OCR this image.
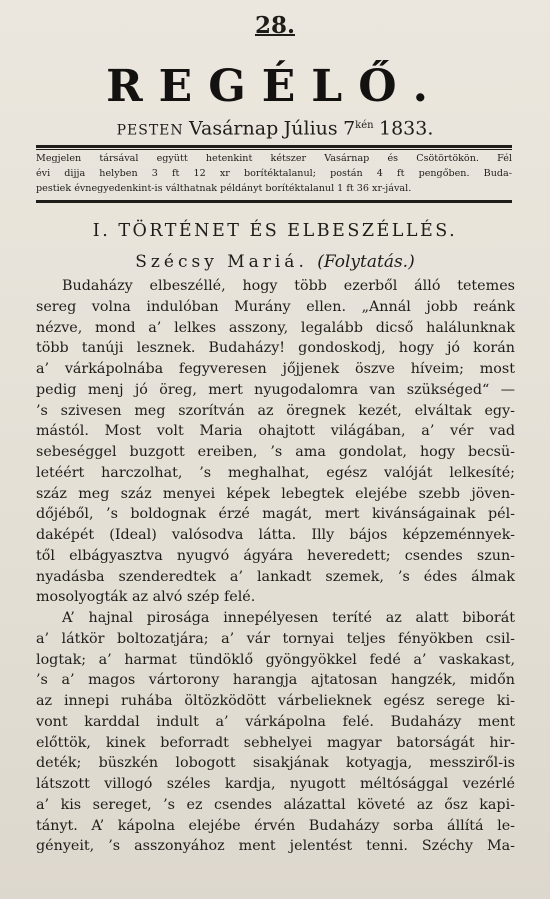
28.
REGÉLŐ.
PESTEN Vasárnap Július $7^{kén}$ 1833.

Megjelen társával együtt hetenkint kétszer Vasárnap és Csötörtökön. Fél
évi dijja helyben 3 ft 12 xr borítéktalanul; postán 4 ft pengőben. Buda-
pestiek évnegyedenkint-is válthatnak példányt borítéktalanul 1 ft 36 xr-jával.

I. TÖRTÉNET ÉS ELBESZÉLLÉS.
Szécsy Mariá. (Folytatás.)
Budaházy elbeszéllé, hogy több ezerből álló tetemes
sereg volna indulóban Murány ellen. „Annál jobb reánk
nézve, mond a’ lelkes asszony, legalább dicső halálunknak
több tanúji lesznek. Budaházy! gondoskodj, hogy jó korán
a’ várkápolnába fegyveresen jőjjenek öszve híveim; most
pedig menj jó öreg, mert nyugodalomra van szükséged“ —
’s szivesen meg szorítván az öregnek kezét, elváltak egy-
mástól. Most volt Maria ohajtott világában, a’ vér vad
sebeséggel buzgott ereiben, ’s ama gondolat, hogy becsü-
letéért harczolhat, ’s meghalhat, egész valóját lelkesíté;
száz meg száz menyei képek lebegtek elejébe szebb jöven-
dőjéből, ’s boldognak érzé magát, mert kivánságainak pél-
daképét (Ideal) valósodva látta. Illy bájos képzeménnyek-
től elbágyasztva nyugvó ágyára heveredett; csendes szun-
nyadásba szenderedtek a’ lankadt szemek, ’s édes álmak
mosolyogták az alvó szép felé.
A’ hajnal pirosága innepélyesen teríté az alatt biborát
a’ látkör boltozatjára; a’ vár tornyai teljes fényökben csil-
logtak; a’ harmat tündöklő gyöngyökkel fedé a’ vaskakast,
’s a’ magos vártorony harangja ajtatosan hangzék, midőn
az innepi ruhába öltözködött várbelieknek egész serege ki-
vont karddal indult a’ várkápolna felé. Budaházy ment
előttök, kinek beforradt sebhelyei magyar batorságát hir-
deték; büszkén lobogott sisakjának kotyagja, messziről-is
látszott villogó széles kardja, nyugott méltósággal vezérlé
a’ kis sereget, ’s ez csendes alázattal követé az ősz kapi-
tányt. A’ kápolna elejébe érvén Budaházy sorba állítá le-
gényeit, ’s asszonyához ment jelentést tenni. Széchy Ma-
